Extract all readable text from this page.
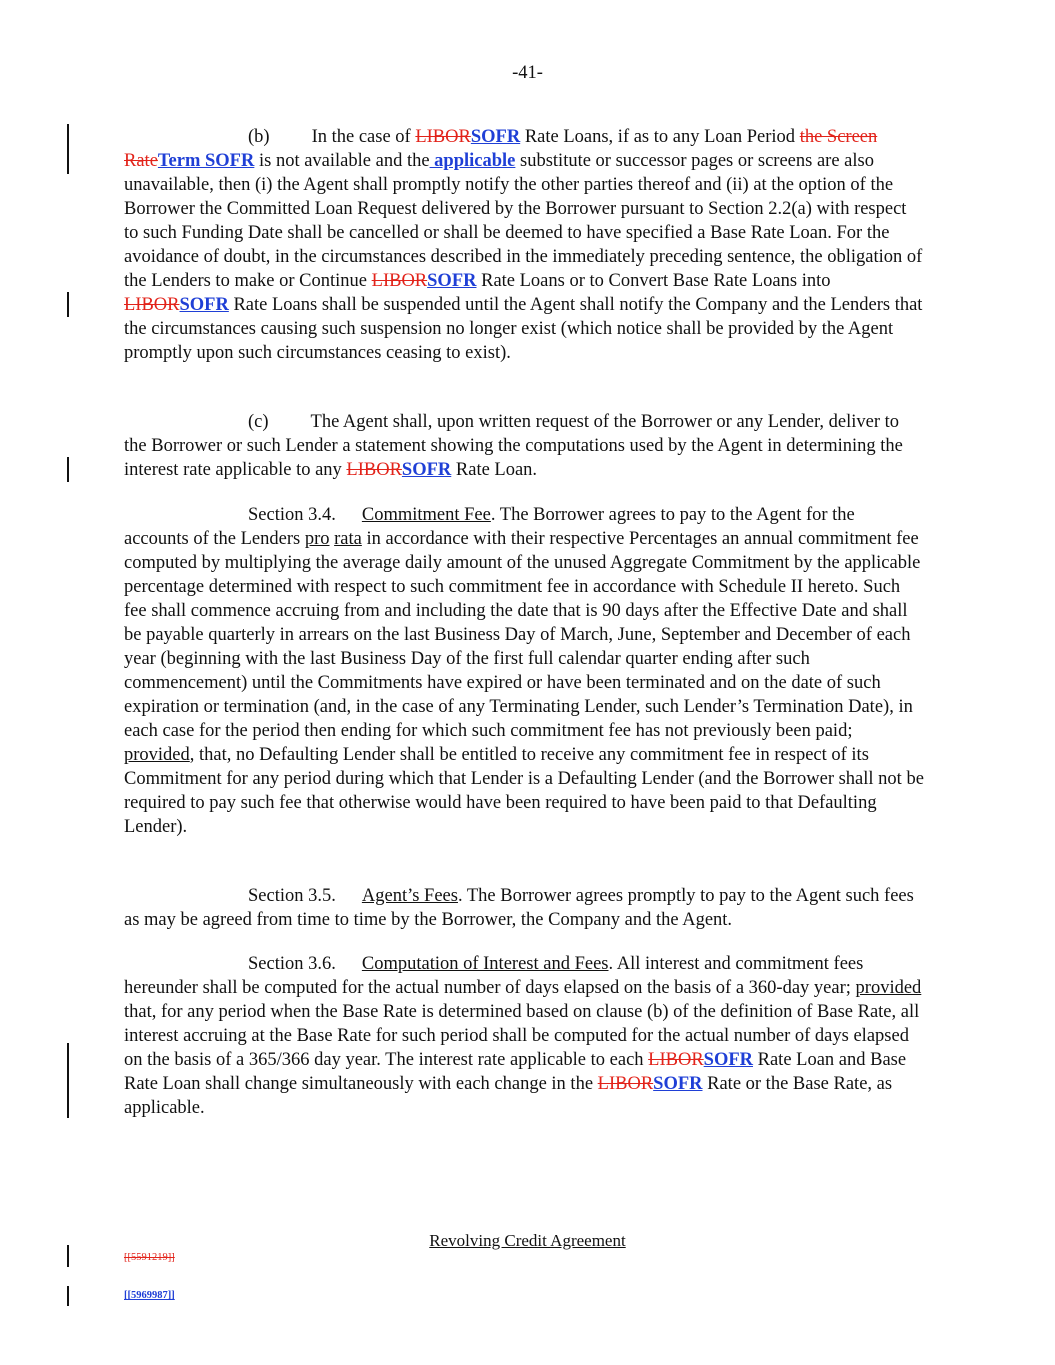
-41-

(b) In the case of LIBORSOFR Rate Loans, if as to any Loan Period the Screen RateTerm SOFR is not available and the applicable substitute or successor pages or screens are also unavailable, then (i) the Agent shall promptly notify the other parties thereof and (ii) at the option of the Borrower the Committed Loan Request delivered by the Borrower pursuant to Section 2.2(a) with respect to such Funding Date shall be cancelled or shall be deemed to have specified a Base Rate Loan. For the avoidance of doubt, in the circumstances described in the immediately preceding sentence, the obligation of the Lenders to make or Continue LIBORSOFR Rate Loans or to Convert Base Rate Loans into LIBORSOFR Rate Loans shall be suspended until the Agent shall notify the Company and the Lenders that the circumstances causing such suspension no longer exist (which notice shall be provided by the Agent promptly upon such circumstances ceasing to exist).

(c) The Agent shall, upon written request of the Borrower or any Lender, deliver to the Borrower or such Lender a statement showing the computations used by the Agent in determining the interest rate applicable to any LIBORSOFR Rate Loan.

Section 3.4. Commitment Fee. The Borrower agrees to pay to the Agent for the accounts of the Lenders pro rata in accordance with their respective Percentages an annual commitment fee computed by multiplying the average daily amount of the unused Aggregate Commitment by the applicable percentage determined with respect to such commitment fee in accordance with Schedule II hereto. Such fee shall commence accruing from and including the date that is 90 days after the Effective Date and shall be payable quarterly in arrears on the last Business Day of March, June, September and December of each year (beginning with the last Business Day of the first full calendar quarter ending after such commencement) until the Commitments have expired or have been terminated and on the date of such expiration or termination (and, in the case of any Terminating Lender, such Lender’s Termination Date), in each case for the period then ending for which such commitment fee has not previously been paid; provided, that, no Defaulting Lender shall be entitled to receive any commitment fee in respect of its Commitment for any period during which that Lender is a Defaulting Lender (and the Borrower shall not be required to pay such fee that otherwise would have been required to have been paid to that Defaulting Lender).

Section 3.5. Agent’s Fees. The Borrower agrees promptly to pay to the Agent such fees as may be agreed from time to time by the Borrower, the Company and the Agent.

Section 3.6. Computation of Interest and Fees. All interest and commitment fees hereunder shall be computed for the actual number of days elapsed on the basis of a 360-day year; provided that, for any period when the Base Rate is determined based on clause (b) of the definition of Base Rate, all interest accruing at the Base Rate for such period shall be computed for the actual number of days elapsed on the basis of a 365/366 day year. The interest rate applicable to each LIBORSOFR Rate Loan and Base Rate Loan shall change simultaneously with each change in the LIBORSOFR Rate or the Base Rate, as applicable.

Revolving Credit Agreement
[[5591219]]
[[5969987]]
